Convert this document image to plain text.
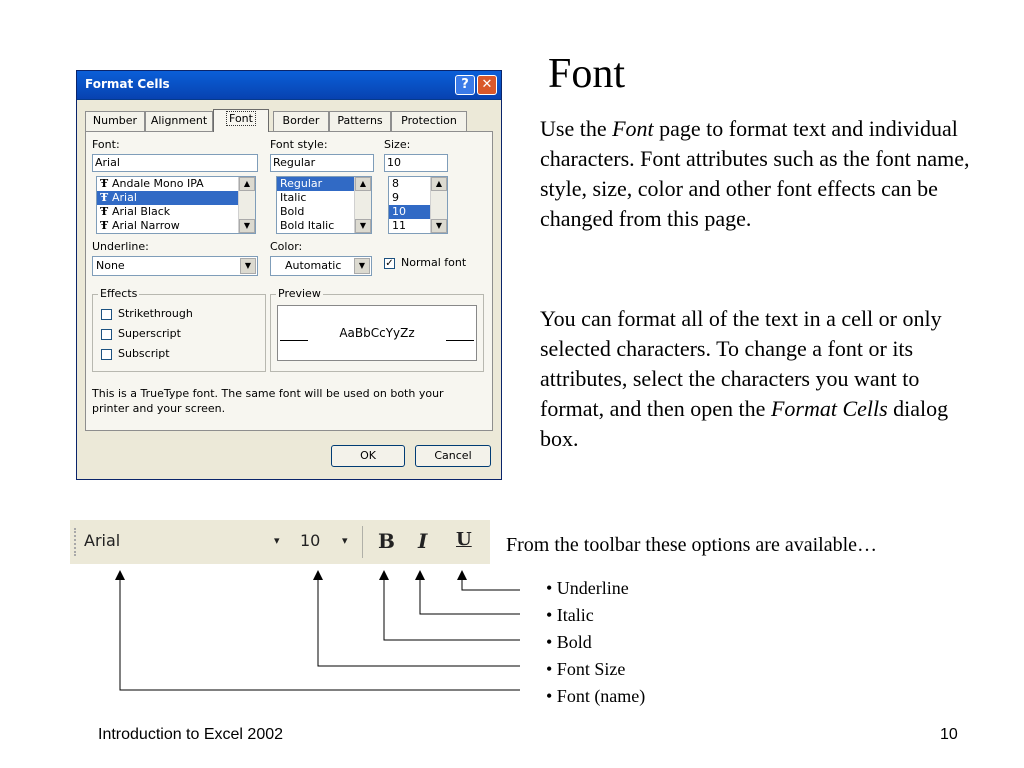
Format Cells	? ✕
Number	Alignment	Font	Border	Patterns	Protection
Font:
Arial
Ŧ Andale Mono IPA
Ŧ Arial
Ŧ Arial Black
Ŧ Arial Narrow
▲
▼
Font style:
Regular
Regular
Italic
Bold
Bold Italic
▲
▼
Size:
10
8
9
10
11
▲
▼
Underline:
None	▼
Color:
Automatic	▼	✓ Normal font
Effects
Strikethrough
Superscript
Subscript
Preview
AaBbCcYyZz
This is a TrueType font. The same font will be used on both your printer and your screen.
OK	Cancel
Font
Use the Font page to format text and individual characters. Font attributes such as the font name, style, size, color and other font effects can be changed from this page.
You can format all of the text in a cell or only selected characters. To change a font or its attributes, select the characters you want to format, and then open the Format Cells dialog box.
Arial	▾ 10 ▾ B I U From the toolbar these options are available…
• Underline
• Italic
• Bold
• Font Size
• Font (name)
Introduction to Excel 2002	10
